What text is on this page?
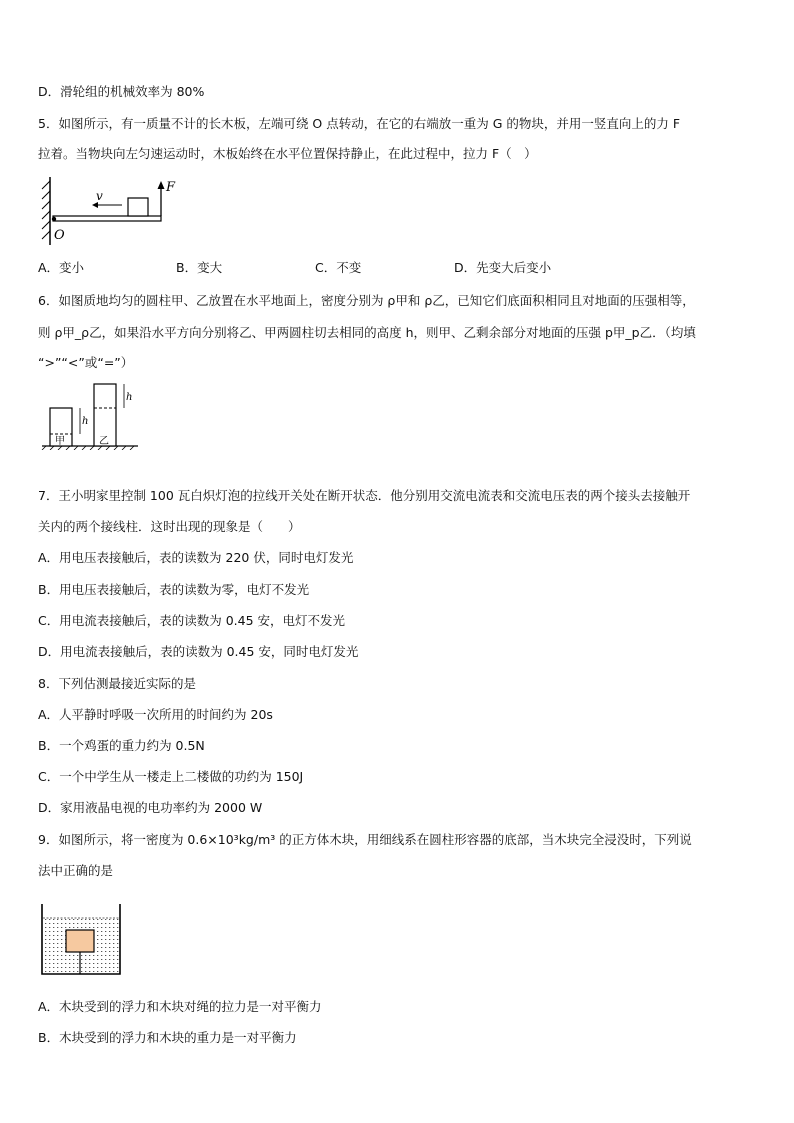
D．滑轮组的机械效率为 80%
5．如图所示，有一质量不计的长木板，左端可绕 O 点转动，在它的右端放一重为 G 的物块，并用一竖直向上的力 F
拉着。当物块向左匀速运动时，木板始终在水平位置保持静止，在此过程中，拉力 F（　）
v
F
O
A．变小	B．变大	C．不变	D．先变大后变小
6．如图质地均匀的圆柱甲、乙放置在水平地面上，密度分别为 ρ甲和 ρ乙，已知它们底面积相同且对地面的压强相等，
则 ρ甲_ρ乙，如果沿水平方向分别将乙、甲两圆柱切去相同的高度 h，则甲、乙剩余部分对地面的压强 p甲_p乙．（均填
“>”“<”或“=”）
h
h
甲	乙
7．王小明家里控制 100 瓦白炽灯泡的拉线开关处在断开状态．他分别用交流电流表和交流电压表的两个接头去接触开
关内的两个接线柱．这时出现的现象是（　　）
A．用电压表接触后，表的读数为 220 伏，同时电灯发光
B．用电压表接触后，表的读数为零，电灯不发光
C．用电流表接触后，表的读数为 0.45 安，电灯不发光
D．用电流表接触后，表的读数为 0.45 安，同时电灯发光
8．下列估测最接近实际的是
A．人平静时呼吸一次所用的时间约为 20s
B．一个鸡蛋的重力约为 0.5N
C．一个中学生从一楼走上二楼做的功约为 150J
D．家用液晶电视的电功率约为 2000 W
9．如图所示，将一密度为 0.6×10³kg/m³ 的正方体木块，用细线系在圆柱形容器的底部，当木块完全浸没时，下列说
法中正确的是
A．木块受到的浮力和木块对绳的拉力是一对平衡力
B．木块受到的浮力和木块的重力是一对平衡力
